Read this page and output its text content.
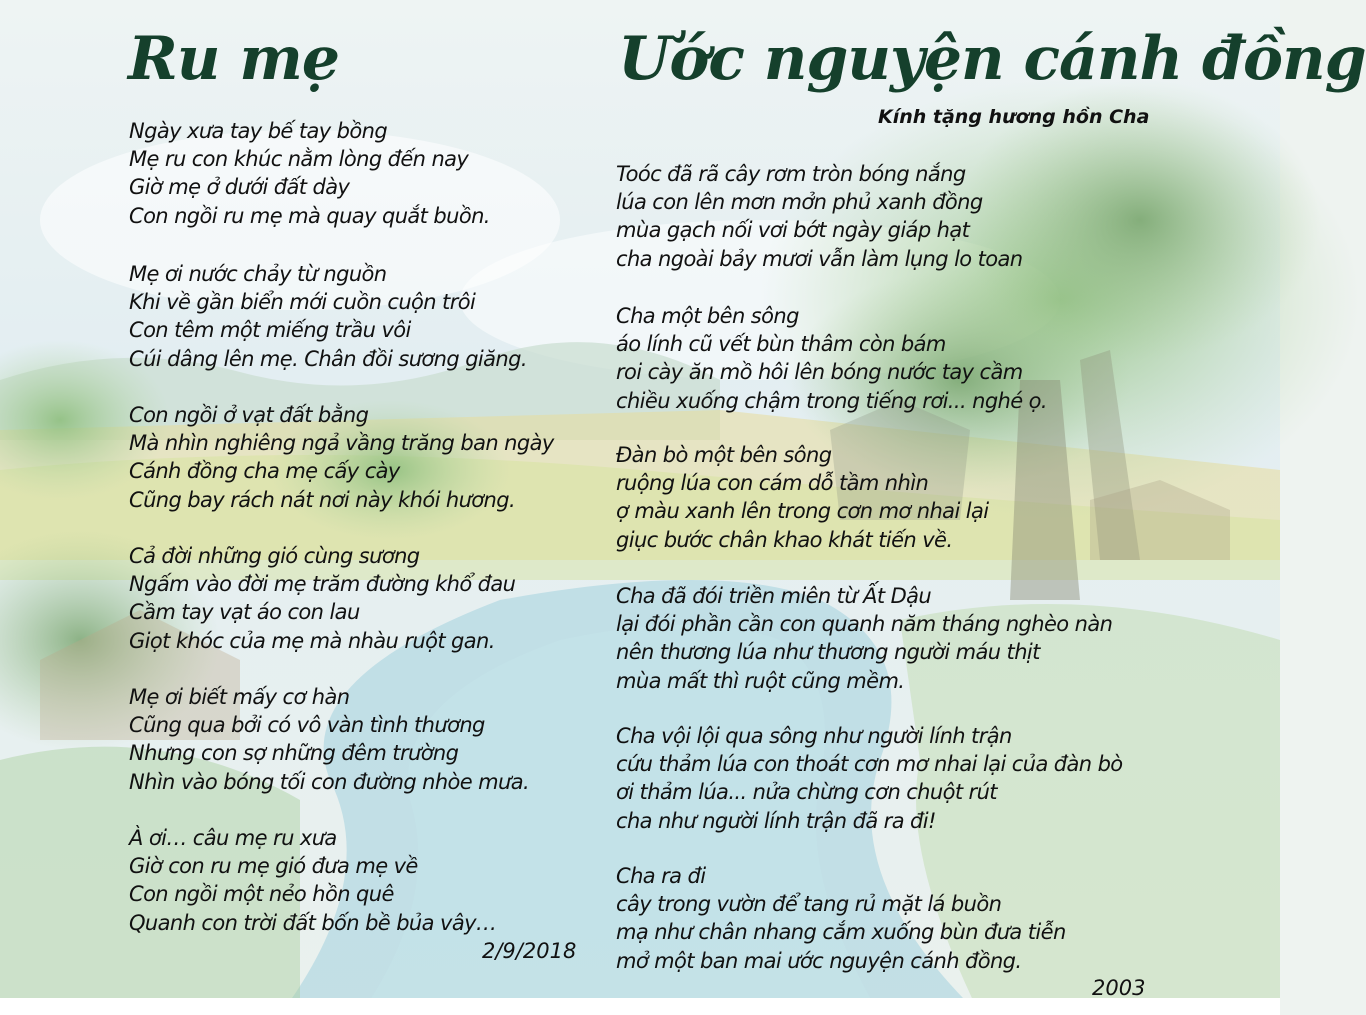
Ru mẹ	Ước nguyện cánh đồng
Kính tặng hương hồn Cha
Ngày xưa tay bế tay bồng
Mẹ ru con khúc nằm lòng đến nay
Giờ mẹ ở dưới đất dày
Con ngồi ru mẹ mà quay quắt buồn.
Mẹ ơi nước chảy từ nguồn
Khi về gần biển mới cuồn cuộn trôi
Con têm một miếng trầu vôi
Cúi dâng lên mẹ. Chân đồi sương giăng.
Con ngồi ở vạt đất bằng
Mà nhìn nghiêng ngả vầng trăng ban ngày
Cánh đồng cha mẹ cấy cày
Cũng bay rách nát nơi này khói hương.
Cả đời những gió cùng sương
Ngấm vào đời mẹ trăm đường khổ đau
Cầm tay vạt áo con lau
Giọt khóc của mẹ mà nhàu ruột gan.
Mẹ ơi biết mấy cơ hàn
Cũng qua bởi có vô vàn tình thương
Nhưng con sợ những đêm trường
Nhìn vào bóng tối con đường nhòe mưa.
À ơi… câu mẹ ru xưa
Giờ con ru mẹ gió đưa mẹ về
Con ngồi một nẻo hồn quê
Quanh con trời đất bốn bề bủa vây…
2/9/2018
Toóc đã rã cây rơm tròn bóng nắng
lúa con lên mơn mởn phủ xanh đồng
mùa gạch nối vơi bớt ngày giáp hạt
cha ngoài bảy mươi vẫn làm lụng lo toan
Cha một bên sông
áo lính cũ vết bùn thâm còn bám
roi cày ăn mồ hôi lên bóng nước tay cầm
chiều xuống chậm trong tiếng rơi... nghé ọ.
Đàn bò một bên sông
ruộng lúa con cám dỗ tầm nhìn
ợ màu xanh lên trong cơn mơ nhai lại
giục bước chân khao khát tiến về.
Cha đã đói triền miên từ Ất Dậu
lại đói phần cần con quanh năm tháng nghèo nàn
nên thương lúa như thương người máu thịt
mùa mất thì ruột cũng mềm.
Cha vội lội qua sông như người lính trận
cứu thảm lúa con thoát cơn mơ nhai lại của đàn bò
ơi thảm lúa... nửa chừng cơn chuột rút
cha như người lính trận đã ra đi!
Cha ra đi
cây trong vườn để tang rủ mặt lá buồn
mạ như chân nhang cắm xuống bùn đưa tiễn
mở một ban mai ước nguyện cánh đồng.
2003
